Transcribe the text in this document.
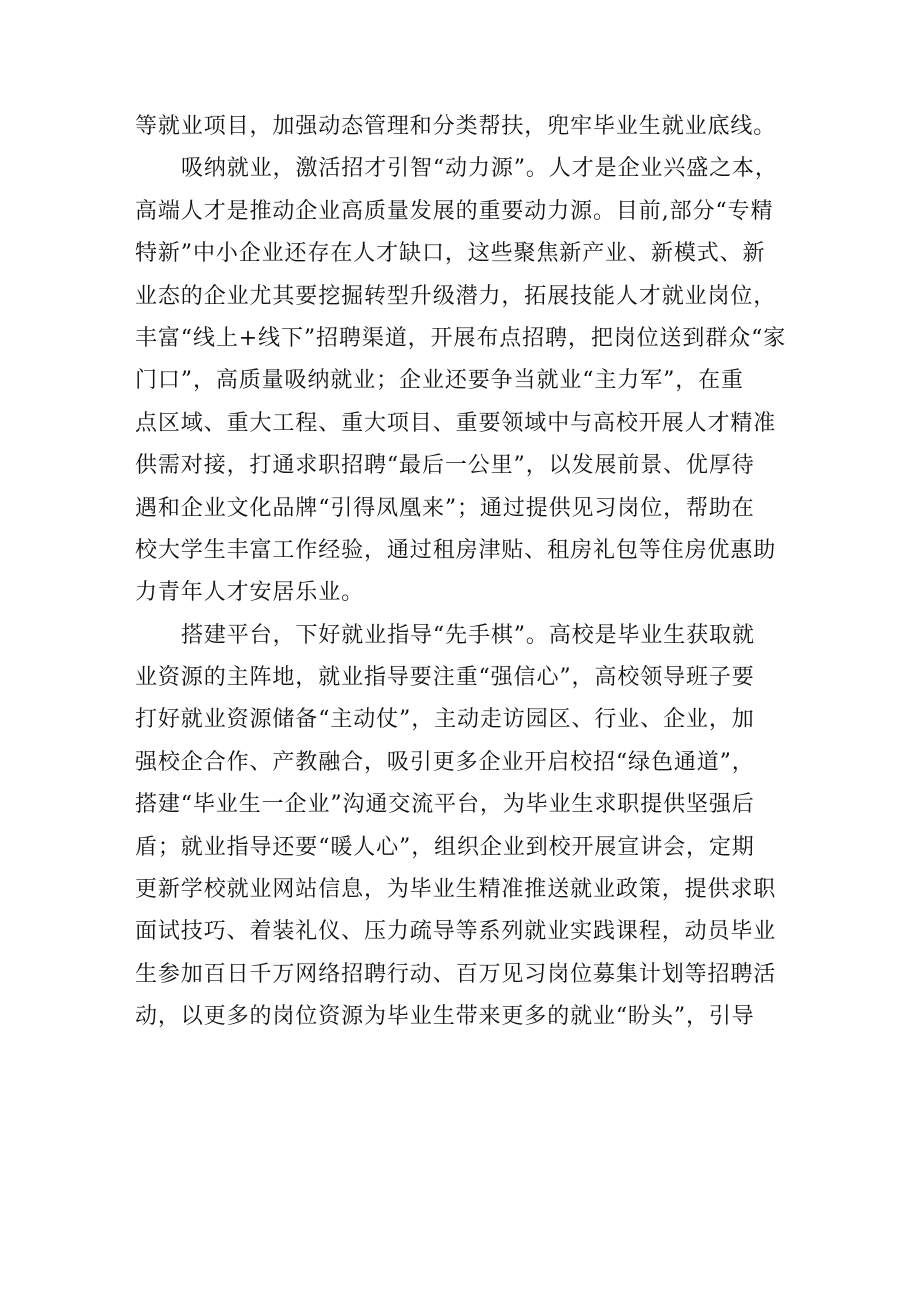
等就业项目，加强动态管理和分类帮扶，兜牢毕业生就业底线。
吸纳就业，激活招才引智“动力源”。人才是企业兴盛之本，
高端人才是推动企业高质量发展的重要动力源。目前,部分“专精
特新”中小企业还存在人才缺口，这些聚焦新产业、新模式、新
业态的企业尤其要挖掘转型升级潜力，拓展技能人才就业岗位，
丰富“线上+线下”招聘渠道，开展布点招聘，把岗位送到群众“家
门口”，高质量吸纳就业；企业还要争当就业“主力军”，在重
点区域、重大工程、重大项目、重要领域中与高校开展人才精准
供需对接，打通求职招聘“最后一公里”，以发展前景、优厚待
遇和企业文化品牌“引得凤凰来”；通过提供见习岗位，帮助在
校大学生丰富工作经验，通过租房津贴、租房礼包等住房优惠助
力青年人才安居乐业。
搭建平台，下好就业指导“先手棋”。高校是毕业生获取就
业资源的主阵地，就业指导要注重“强信心”，高校领导班子要
打好就业资源储备“主动仗”，主动走访园区、行业、企业，加
强校企合作、产教融合，吸引更多企业开启校招“绿色通道”，
搭建“毕业生一企业”沟通交流平台，为毕业生求职提供坚强后
盾；就业指导还要“暖人心”，组织企业到校开展宣讲会，定期
更新学校就业网站信息，为毕业生精准推送就业政策，提供求职
面试技巧、着装礼仪、压力疏导等系列就业实践课程，动员毕业
生参加百日千万网络招聘行动、百万见习岗位募集计划等招聘活
动，以更多的岗位资源为毕业生带来更多的就业“盼头”，引导
